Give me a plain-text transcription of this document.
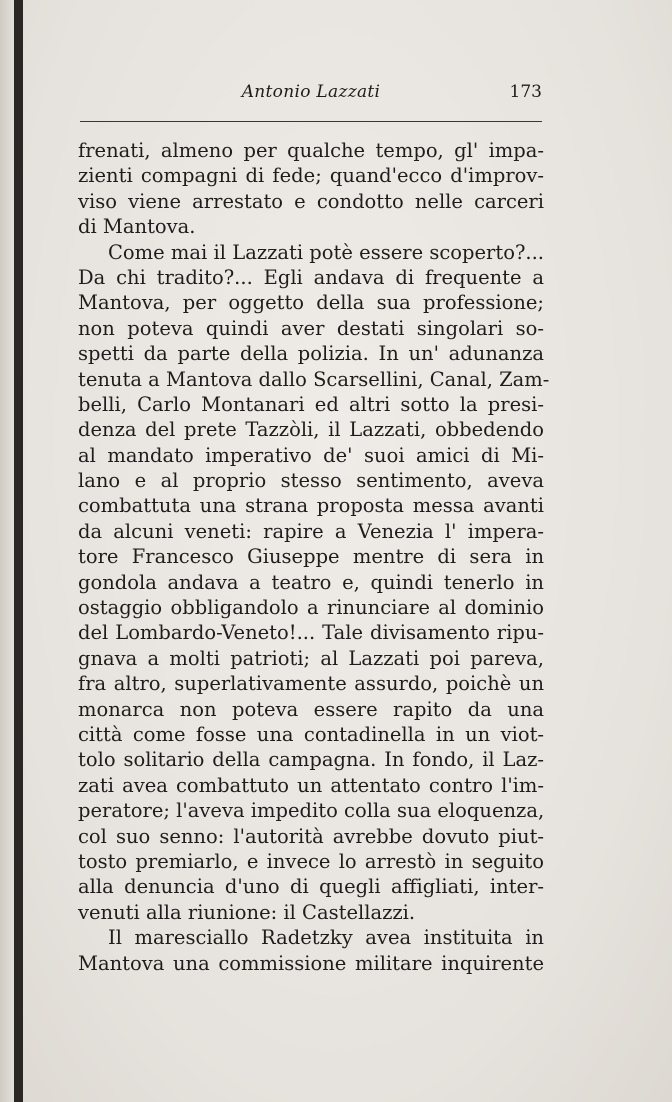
Antonio Lazzati	173
frenati, almeno per qualche tempo, gl' impa-
zienti compagni di fede; quand'ecco d'improv-
viso viene arrestato e condotto nelle carceri
di Mantova.
Come mai il Lazzati potè essere scoperto?...
Da chi tradito?... Egli andava di frequente a
Mantova, per oggetto della sua professione;
non poteva quindi aver destati singolari so-
spetti da parte della polizia. In un' adunanza
tenuta a Mantova dallo Scarsellini, Canal, Zam-
belli, Carlo Montanari ed altri sotto la presi-
denza del prete Tazzòli, il Lazzati, obbedendo
al mandato imperativo de' suoi amici di Mi-
lano e al proprio stesso sentimento, aveva
combattuta una strana proposta messa avanti
da alcuni veneti: rapire a Venezia l' impera-
tore Francesco Giuseppe mentre di sera in
gondola andava a teatro e, quindi tenerlo in
ostaggio obbligandolo a rinunciare al dominio
del Lombardo-Veneto!... Tale divisamento ripu-
gnava a molti patrioti; al Lazzati poi pareva,
fra altro, superlativamente assurdo, poichè un
monarca non poteva essere rapito da una
città come fosse una contadinella in un viot-
tolo solitario della campagna. In fondo, il Laz-
zati avea combattuto un attentato contro l'im-
peratore; l'aveva impedito colla sua eloquenza,
col suo senno: l'autorità avrebbe dovuto piut-
tosto premiarlo, e invece lo arrestò in seguito
alla denuncia d'uno di quegli affigliati, inter-
venuti alla riunione: il Castellazzi.
Il maresciallo Radetzky avea instituita in
Mantova una commissione militare inquirente
